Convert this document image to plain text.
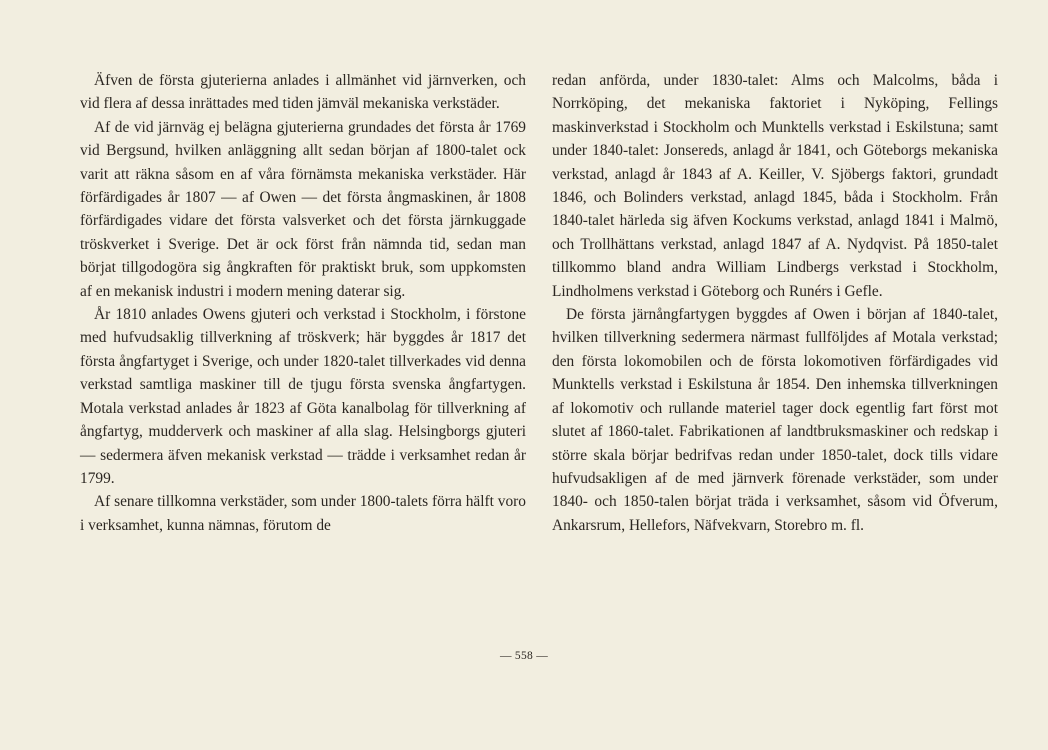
Äfven de första gjuterierna anlades i allmänhet vid järnverken, och vid flera af dessa inrättades med tiden jämväl mekaniska verkstäder.

Af de vid järnväg ej belägna gjuterierna grundades det första år 1769 vid Bergsund, hvilken anläggning allt sedan början af 1800-talet ock varit att räkna såsom en af våra förnämsta mekaniska verkstäder. Här förfärdigades år 1807 — af Owen — det första ångmaskinen, år 1808 förfärdigades vidare det första valsverket och det första järnkuggade tröskverket i Sverige. Det är ock först från nämnda tid, sedan man börjat tillgodogöra sig ångkraften för praktiskt bruk, som uppkomsten af en mekanisk industri i modern mening daterar sig.

År 1810 anlades Owens gjuteri och verkstad i Stockholm, i förstone med hufvudsaklig tillverkning af tröskverk; här byggdes år 1817 det första ångfartyget i Sverige, och under 1820-talet tillverkades vid denna verkstad samtliga maskiner till de tjugu första svenska ångfartygen. Motala verkstad anlades år 1823 af Göta kanalbolag för tillverkning af ångfartyg, mudderverk och maskiner af alla slag. Helsingborgs gjuteri — sedermera äfven mekanisk verkstad — trädde i verksamhet redan år 1799.

Af senare tillkomna verkstäder, som under 1800-talets förra hälft voro i verksamhet, kunna nämnas, förutom de

redan anförda, under 1830-talet: Alms och Malcolms, båda i Norrköping, det mekaniska faktoriet i Nyköping, Fellings maskinverkstad i Stockholm och Munktells verkstad i Eskilstuna; samt under 1840-talet: Jonsereds, anlagd år 1841, och Göteborgs mekaniska verkstad, anlagd år 1843 af A. Keiller, V. Sjöbergs faktori, grundadt 1846, och Bolinders verkstad, anlagd 1845, båda i Stockholm. Från 1840-talet härleda sig äfven Kockums verkstad, anlagd 1841 i Malmö, och Trollhättans verkstad, anlagd 1847 af A. Nydqvist. På 1850-talet tillkommo bland andra William Lindbergs verkstad i Stockholm, Lindholmens verkstad i Göteborg och Runérs i Gefle.

De första järnångfartygen byggdes af Owen i början af 1840-talet, hvilken tillverkning sedermera närmast fullföljdes af Motala verkstad; den första lokomobilen och de första lokomotiven förfärdigades vid Munktells verkstad i Eskilstuna år 1854. Den inhemska tillverkningen af lokomotiv och rullande materiel tager dock egentlig fart först mot slutet af 1860-talet. Fabrikationen af landtbruksmaskiner och redskap i större skala börjar bedrifvas redan under 1850-talet, dock tills vidare hufvudsakligen af de med järnverk förenade verkstäder, som under 1840- och 1850-talen börjat träda i verksamhet, såsom vid Öfverum, Ankarsrum, Hellefors, Näfvekvarn, Storebro m. fl.

— 558 —
